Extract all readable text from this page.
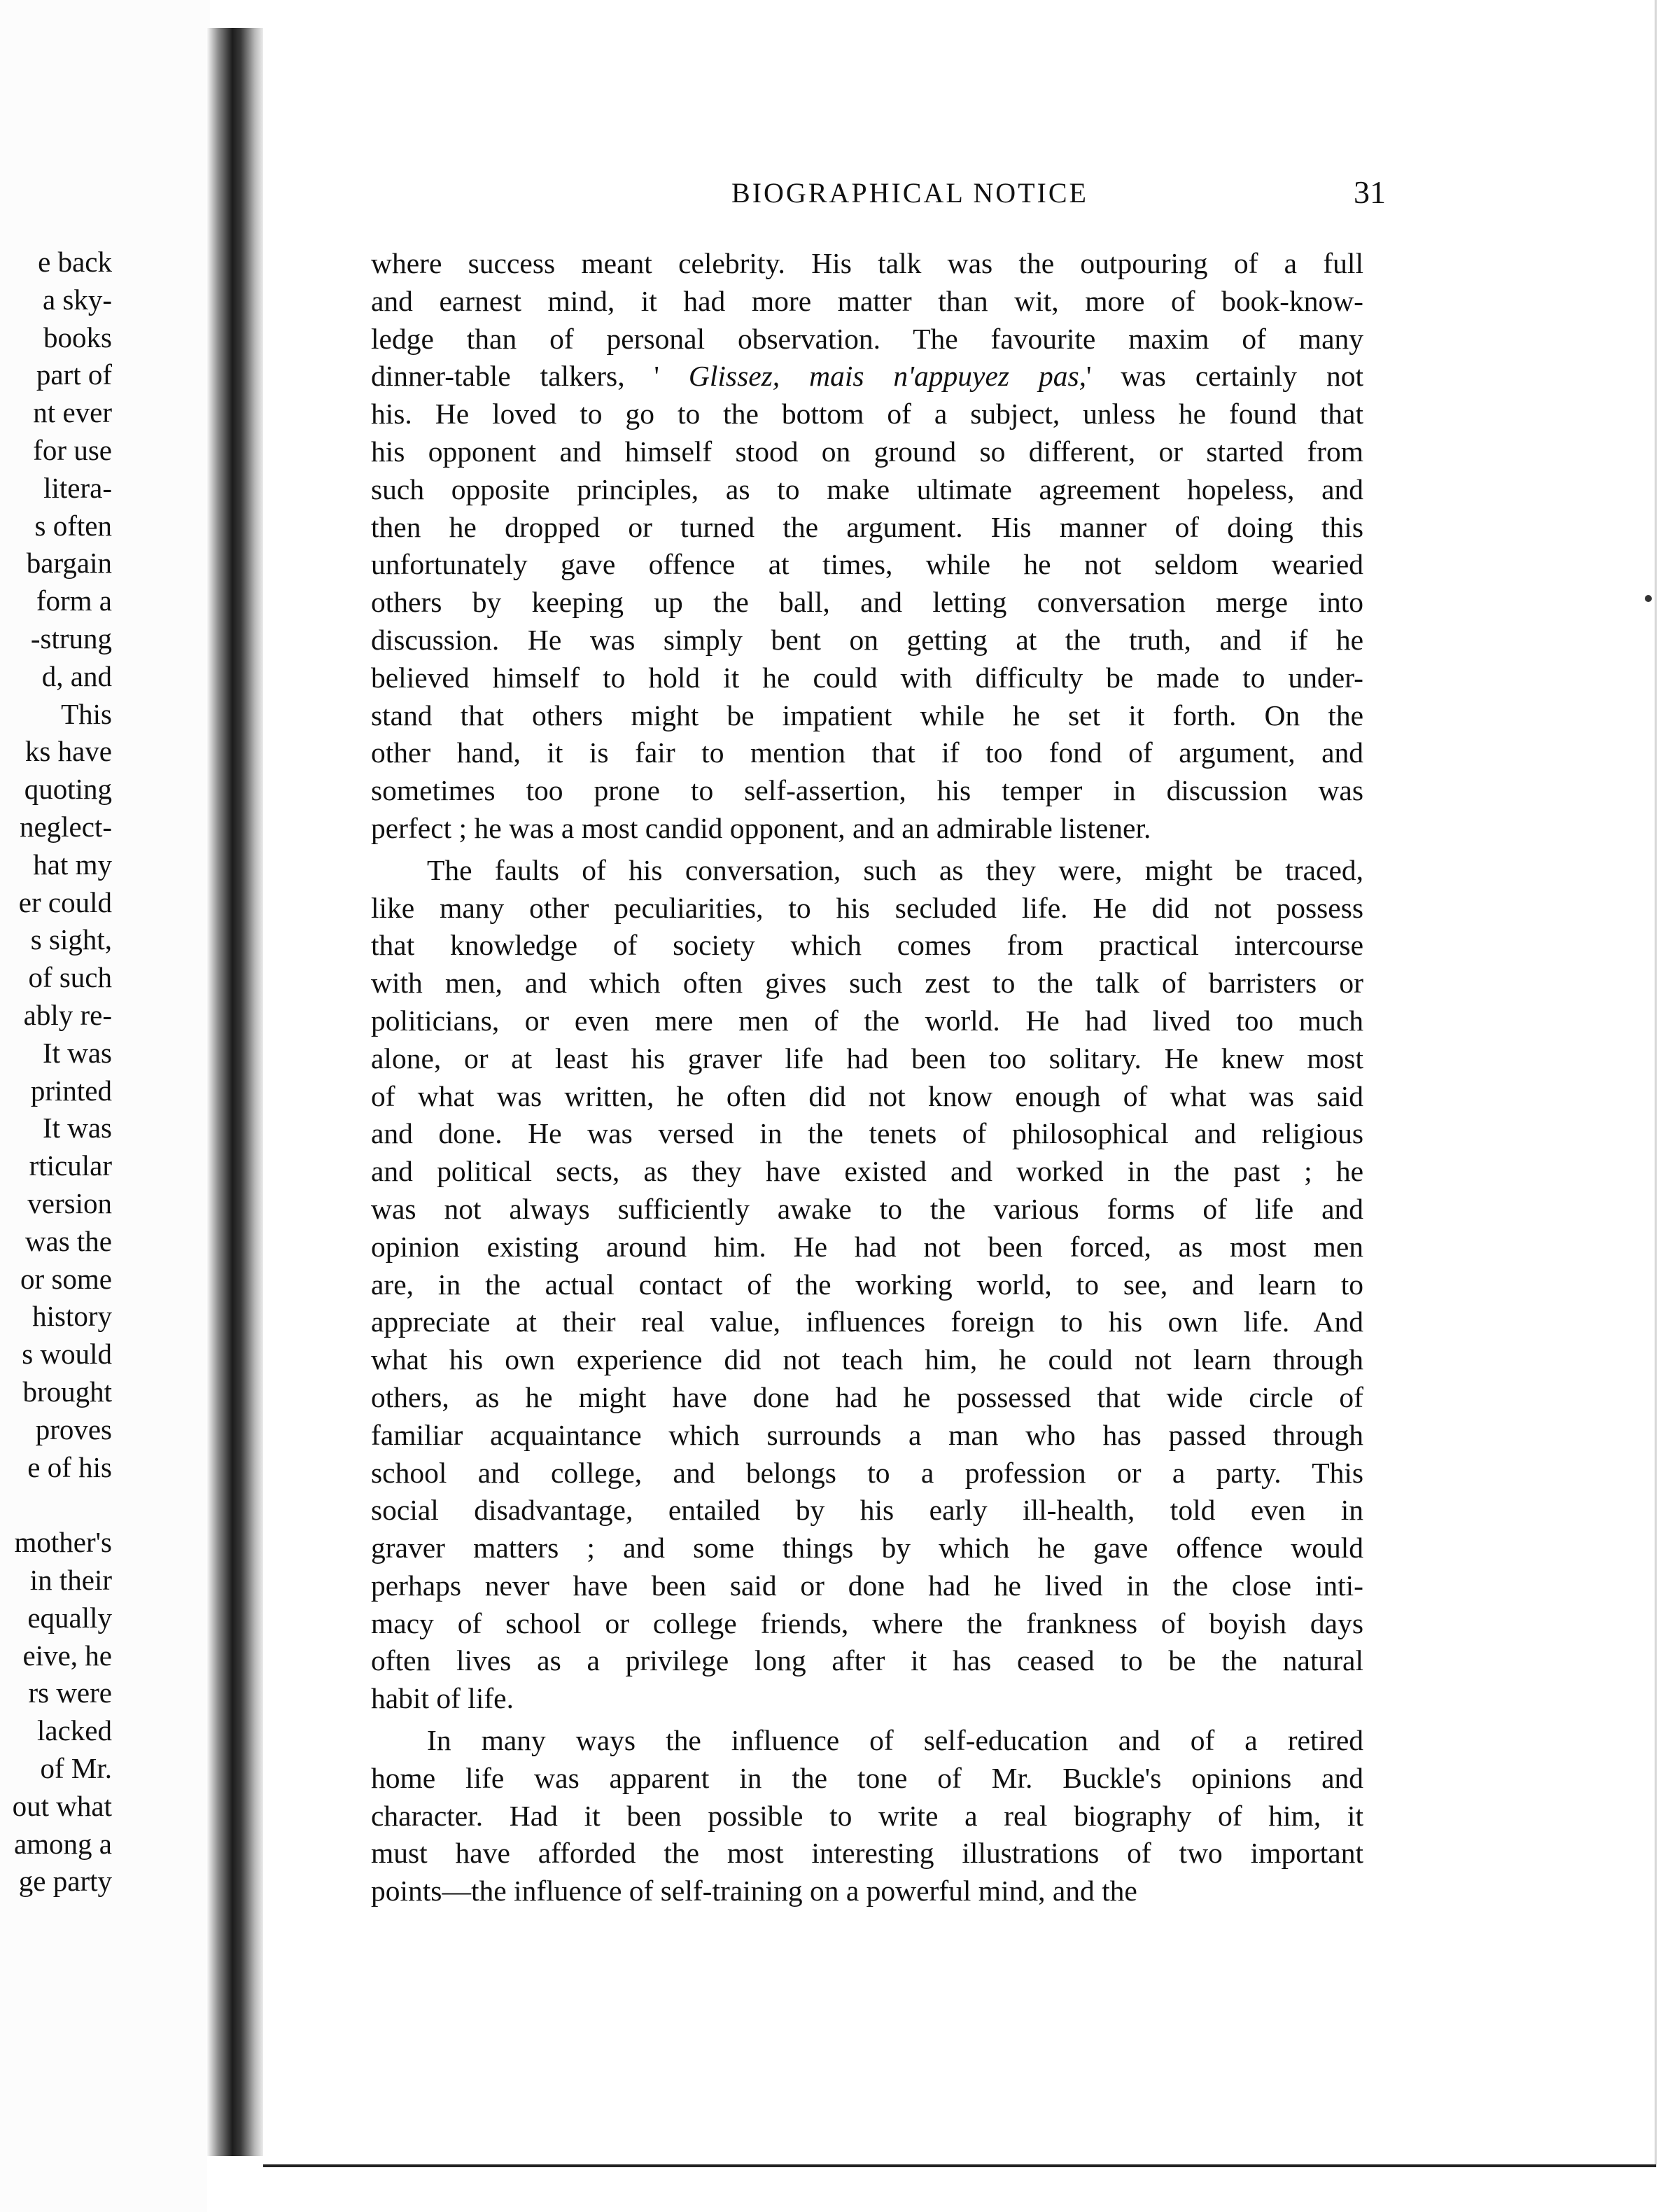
e back
a sky-
books
part of
nt ever
for use
litera-
s often
bargain
form a
-strung
d, and
This
ks have
quoting
neglect-
hat my
er could
s sight,
of such
ably re-
It was
printed
It was
rticular
version
was the
or some
history
s would
brought
proves
e of his
mother's
in their
equally
eive, he
rs were
lacked
of Mr.
out what
among a
ge party
BIOGRAPHICAL NOTICE	31
where success meant celebrity. His talk was the outpouring of a full
and earnest mind, it had more matter than wit, more of book-know-
ledge than of personal observation. The favourite maxim of many
dinner-table talkers, ' Glissez, mais n'appuyez pas,' was certainly not
his. He loved to go to the bottom of a subject, unless he found that
his opponent and himself stood on ground so different, or started from
such opposite principles, as to make ultimate agreement hopeless, and
then he dropped or turned the argument. His manner of doing this
unfortunately gave offence at times, while he not seldom wearied
others by keeping up the ball, and letting conversation merge into
discussion. He was simply bent on getting at the truth, and if he
believed himself to hold it he could with difficulty be made to under-
stand that others might be impatient while he set it forth. On the
other hand, it is fair to mention that if too fond of argument, and
sometimes too prone to self-assertion, his temper in discussion was
perfect ; he was a most candid opponent, and an admirable listener.
The faults of his conversation, such as they were, might be traced,
like many other peculiarities, to his secluded life. He did not possess
that knowledge of society which comes from practical intercourse
with men, and which often gives such zest to the talk of barristers or
politicians, or even mere men of the world. He had lived too much
alone, or at least his graver life had been too solitary. He knew most
of what was written, he often did not know enough of what was said
and done. He was versed in the tenets of philosophical and religious
and political sects, as they have existed and worked in the past ; he
was not always sufficiently awake to the various forms of life and
opinion existing around him. He had not been forced, as most men
are, in the actual contact of the working world, to see, and learn to
appreciate at their real value, influences foreign to his own life. And
what his own experience did not teach him, he could not learn through
others, as he might have done had he possessed that wide circle of
familiar acquaintance which surrounds a man who has passed through
school and college, and belongs to a profession or a party. This
social disadvantage, entailed by his early ill-health, told even in
graver matters ; and some things by which he gave offence would
perhaps never have been said or done had he lived in the close inti-
macy of school or college friends, where the frankness of boyish days
often lives as a privilege long after it has ceased to be the natural
habit of life.
In many ways the influence of self-education and of a retired
home life was apparent in the tone of Mr. Buckle's opinions and
character. Had it been possible to write a real biography of him, it
must have afforded the most interesting illustrations of two important
points—the influence of self-training on a powerful mind, and the
